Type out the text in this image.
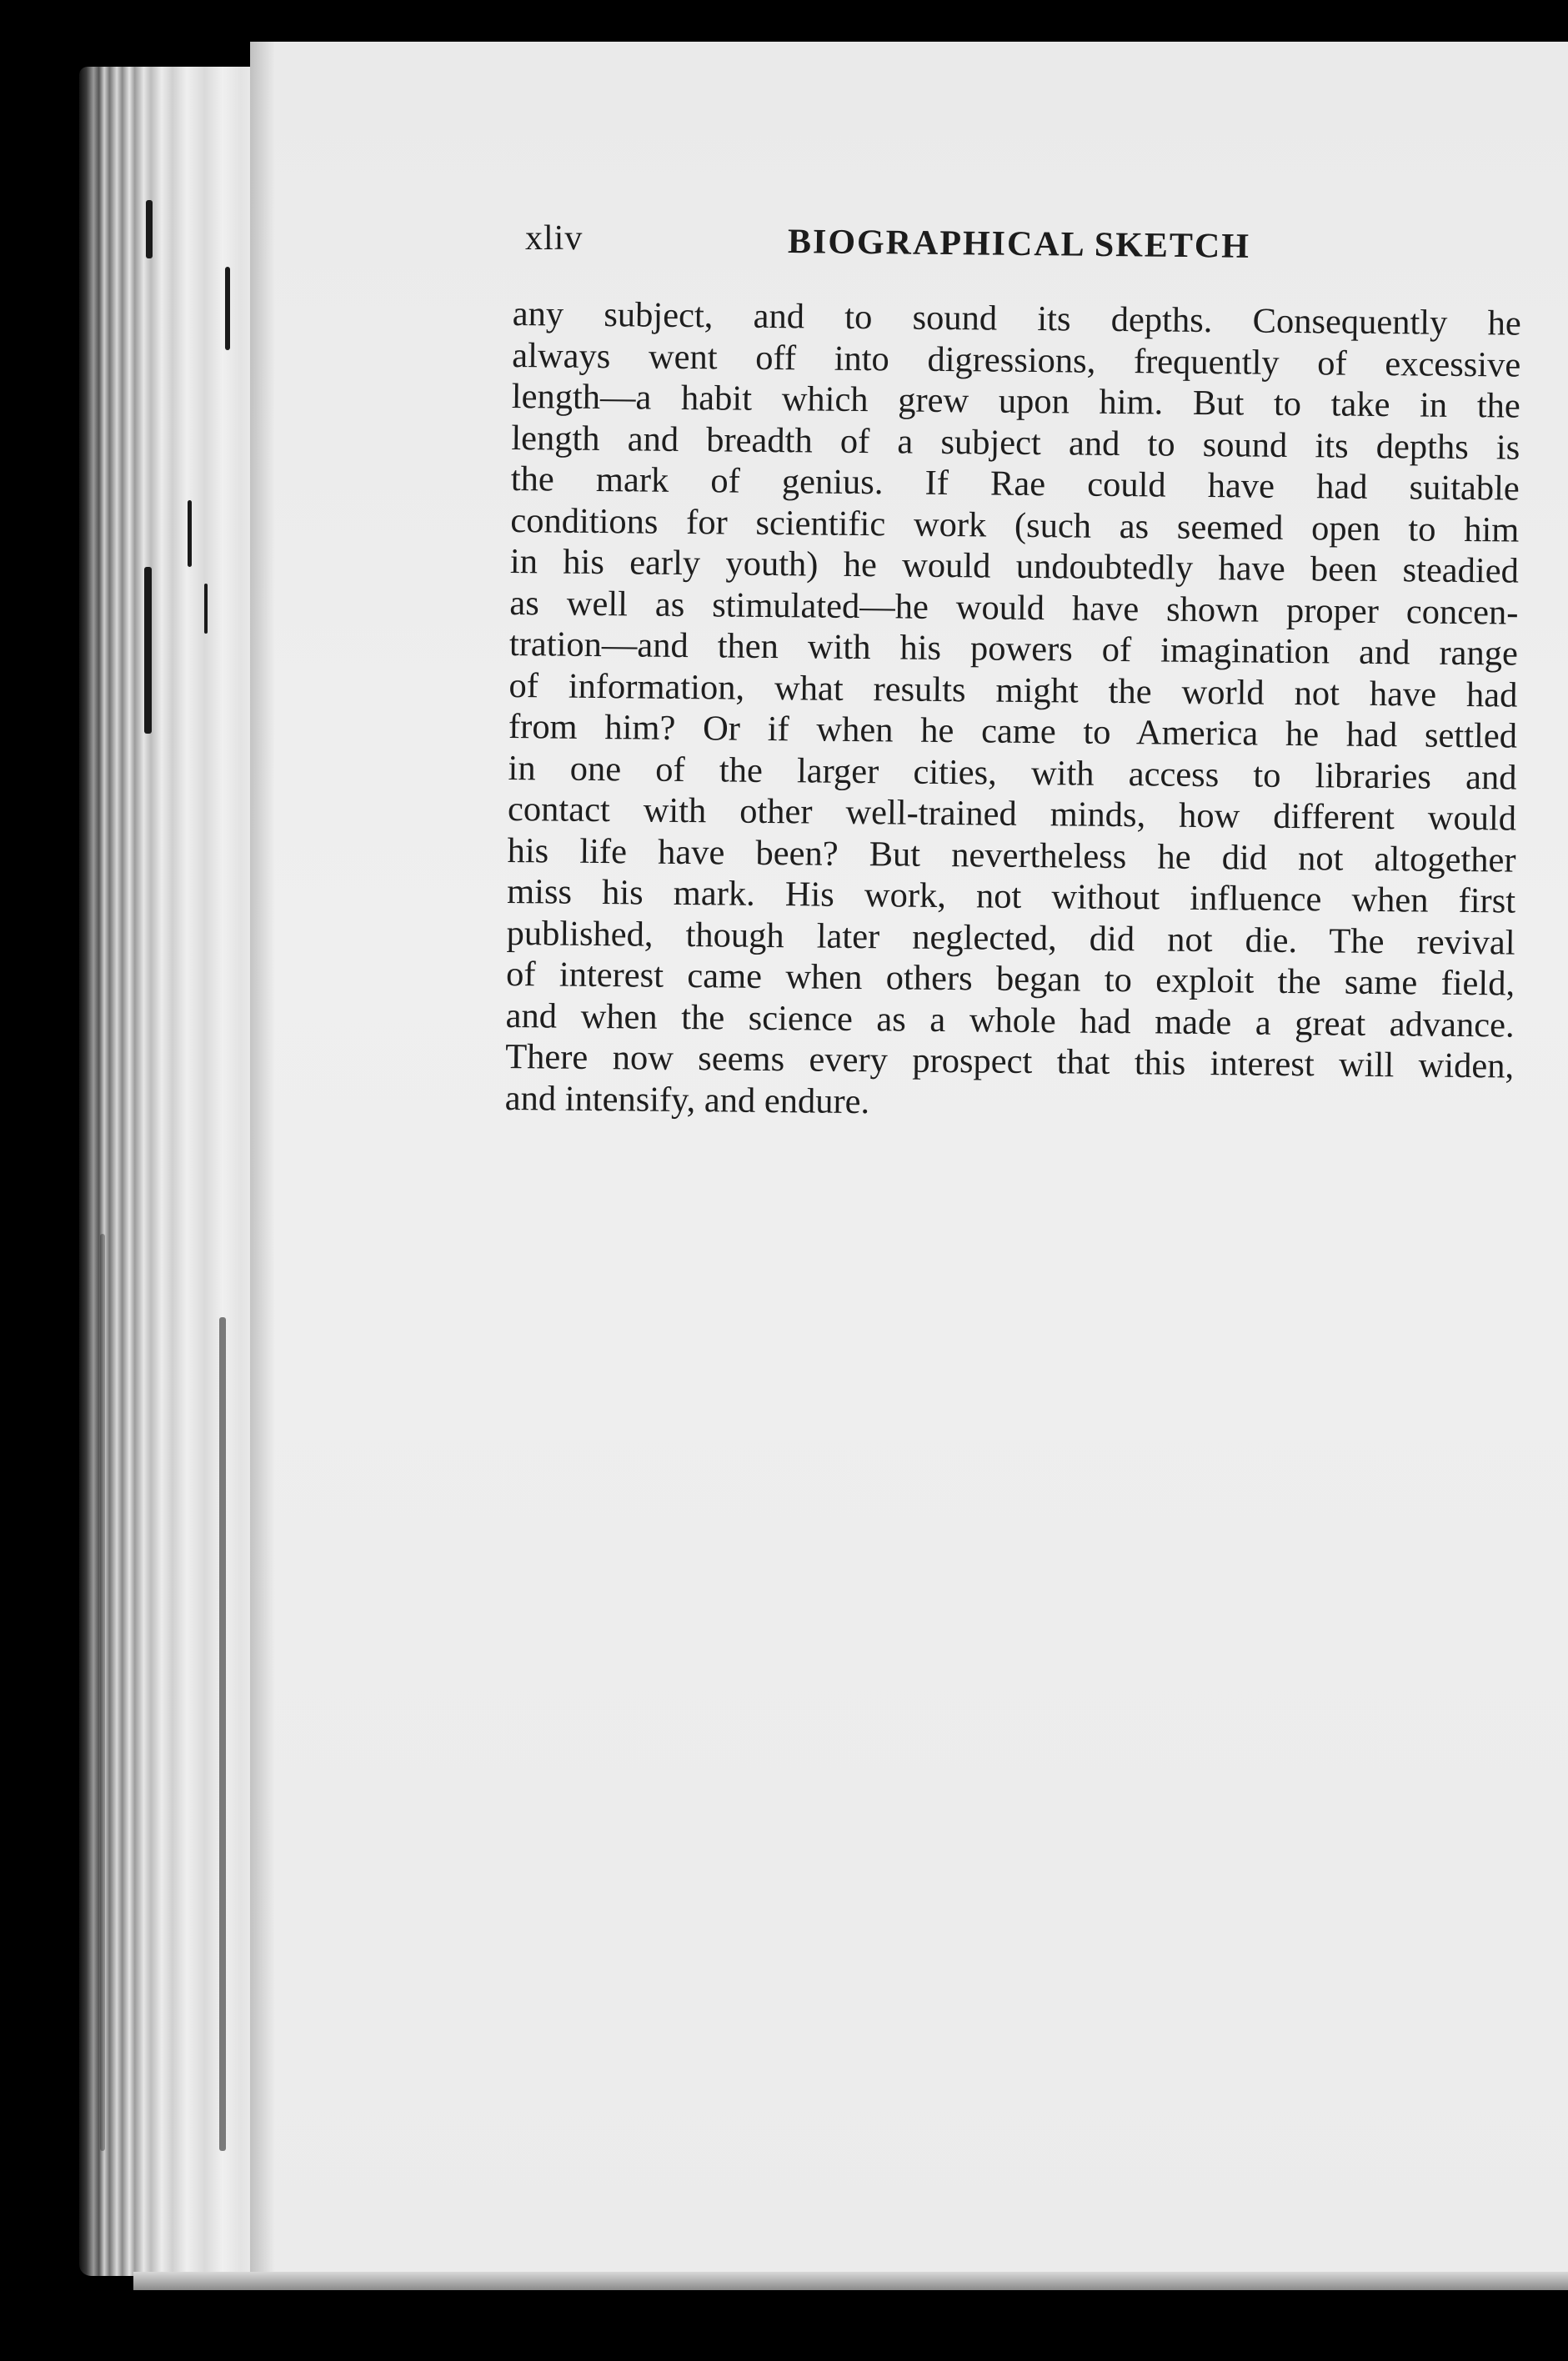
xliv	BIOGRAPHICAL SKETCH
any subject, and to sound its depths. Consequently he
always went off into digressions, frequently of excessive
length—a habit which grew upon him. But to take in the
length and breadth of a subject and to sound its depths is
the mark of genius. If Rae could have had suitable
conditions for scientific work (such as seemed open to him
in his early youth) he would undoubtedly have been steadied
as well as stimulated—he would have shown proper concen-
tration—and then with his powers of imagination and range
of information, what results might the world not have had
from him? Or if when he came to America he had settled
in one of the larger cities, with access to libraries and
contact with other well-trained minds, how different would
his life have been? But nevertheless he did not altogether
miss his mark. His work, not without influence when first
published, though later neglected, did not die. The revival
of interest came when others began to exploit the same field,
and when the science as a whole had made a great advance.
There now seems every prospect that this interest will widen,
and intensify, and endure.
